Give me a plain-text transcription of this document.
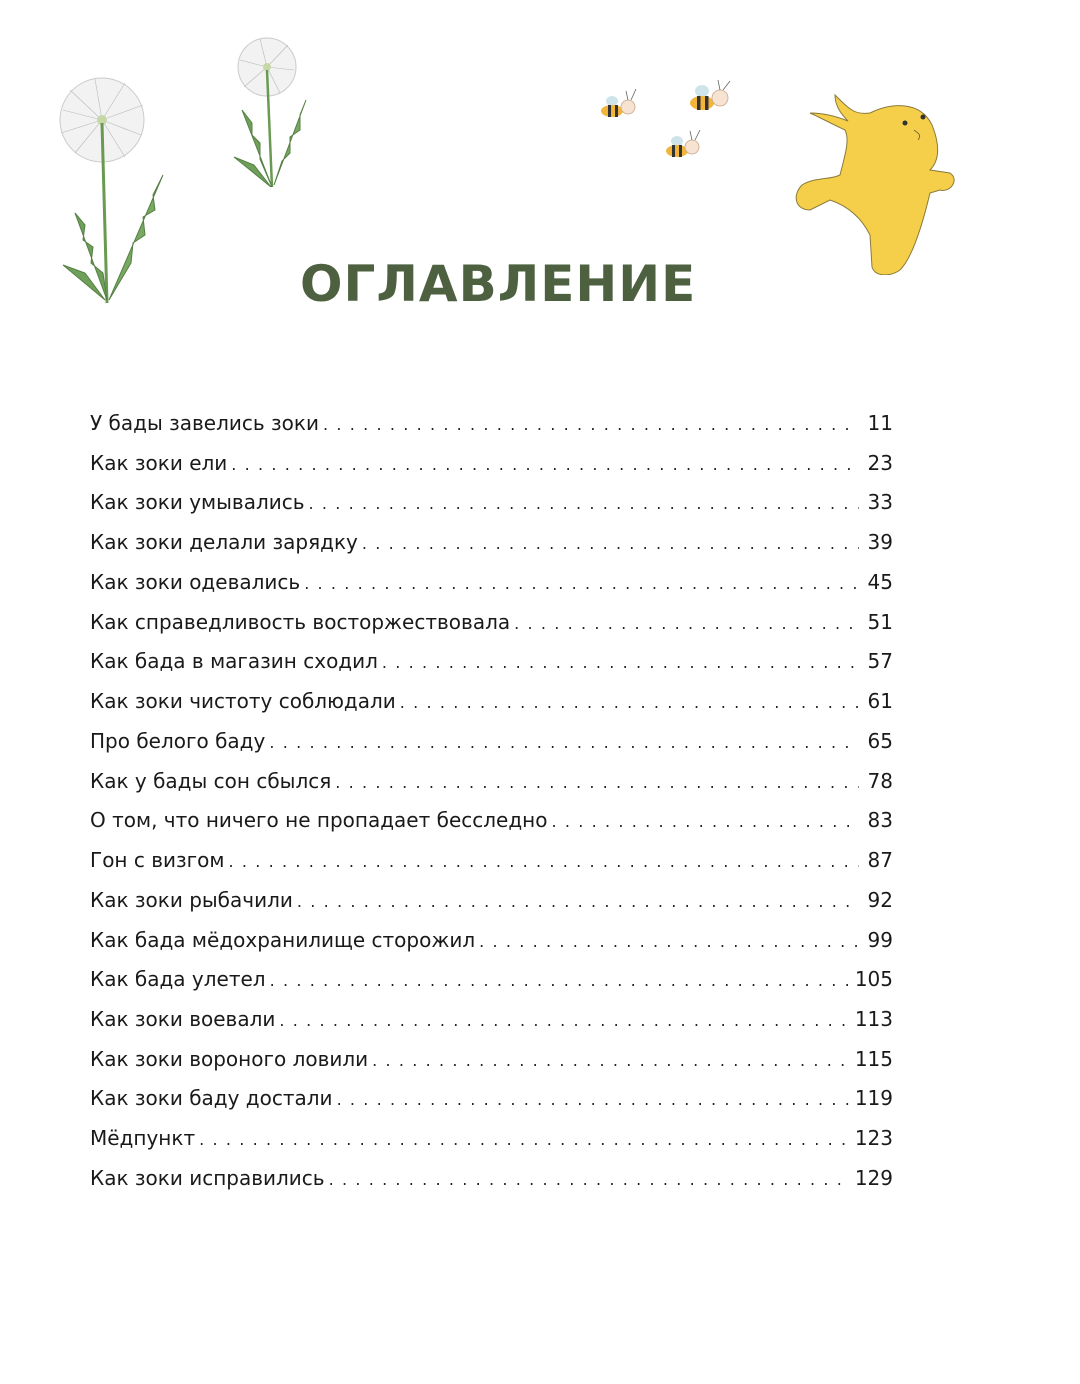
ОГЛАВЛЕНИЕ
У бады завелись зоки . . .	11
Как зоки ели . . .	23
Как зоки умывались . . .	33
Как зоки делали зарядку . . .	39
Как зоки одевались . . .	45
Как справедливость восторжествовала . . .	51
Как бада в магазин сходил . . .	57
Как зоки чистоту соблюдали . . .	61
Про белого баду . . .	65
Как у бады сон сбылся . . .	78
О том, что ничего не пропадает бесследно . . .	83
Гон с визгом . . .	87
Как зоки рыбачили . . .	92
Как бада мёдохранилище сторожил . . .	99
Как бада улетел . . .	105
Как зоки воевали . . .	113
Как зоки вороного ловили . . .	115
Как зоки баду достали . . .	119
Мёдпункт . . .	123
Как зоки исправились . . .	129
